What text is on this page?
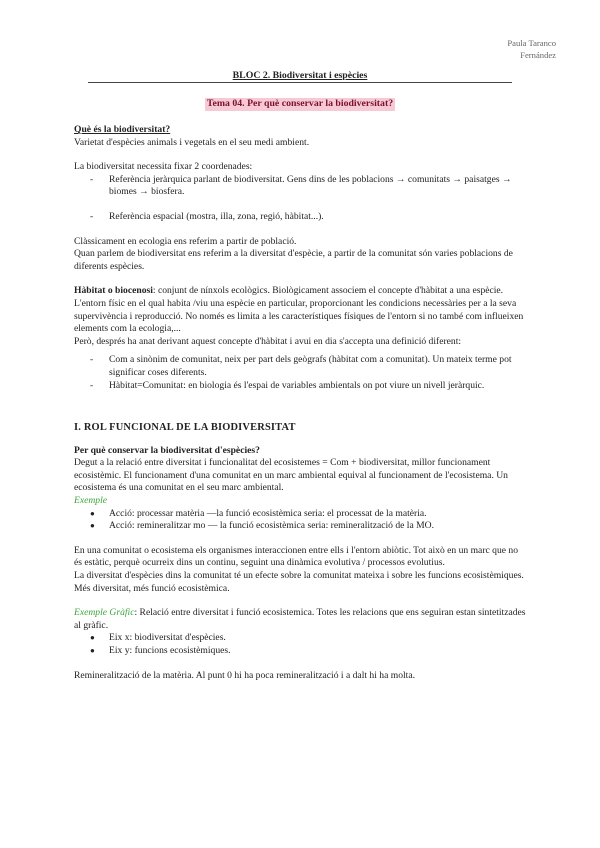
Paula Taranco
Fernández
BLOC 2. Biodiversitat i espècies
Tema 04. Per què conservar la biodiversitat?

Què és la biodiversitat?

Varietat d'espècies animals i vegetals en el seu medi ambient.

La biodiversitat necessita fixar 2 coordenades:

- Referència jeràrquica parlant de biodiversitat. Gens dins de les poblacions → comunitats → paisatges → biomes → biosfera.
- Referència espacial (mostra, illa, zona, regió, hàbitat...).

Clàssicament en ecologia ens referim a partir de població.

Quan parlem de biodiversitat ens referim a la diversitat d'espècie, a partir de la comunitat són varies poblacions de diferents espècies.

Hàbitat o biocenosi: conjunt de nínxols ecològics. Biològicament associem el concepte d'hàbitat a una espècie. L'entorn físic en el qual habita /viu una espècie en particular, proporcionant les condicions necessàries per a la seva supervivència i reproducció. No només es limita a les característiques físiques de l'entorn si no també com influeixen elements com la ecologia,...

Però, després ha anat derivant aquest concepte d'hàbitat i avui en dia s'accepta una definició diferent:

- Com a sinònim de comunitat, neix per part dels geògrafs (hàbitat com a comunitat). Un mateix terme pot significar coses diferents.
- Hàbitat=Comunitat: en biologia és l'espai de variables ambientals on pot viure un nivell jeràrquic.
I. ROL FUNCIONAL DE LA BIODIVERSITAT

Per què conservar la biodiversitat d'espècies?

Degut a la relació entre diversitat i funcionalitat del ecosistemes = Com + biodiversitat, millor funcionament ecosistèmic. El funcionament d'una comunitat en un marc ambiental equival al funcionament de l'ecosistema. Un ecosistema és una comunitat en el seu marc ambiental.

Exemple

● Acció: processar matèria —la funció ecosistèmica seria: el processat de la matèria.
● Acció: remineralitzar mo — la funció ecosistèmica seria: remineralització de la MO.

En una comunitat o ecosistema els organismes interaccionen entre ells i l'entorn abiòtic. Tot això en un marc que no és estàtic, perquè ocurreix dins un continu, seguint una dinàmica evolutiva / processos evolutius.

La diversitat d'espècies dins la comunitat té un efecte sobre la comunitat mateixa i sobre les funcions ecosistèmiques. Més diversitat, més funció ecosistèmica.

Exemple Gràfic: Relació entre diversitat i funció ecosistemica. Totes les relacions que ens seguiran estan sintetitzades al gràfic.

● Eix x: biodiversitat d'espècies.
● Eix y: funcions ecosistèmiques.

Remineralització de la matèria. Al punt 0 hi ha poca remineralització i a dalt hi ha molta.
